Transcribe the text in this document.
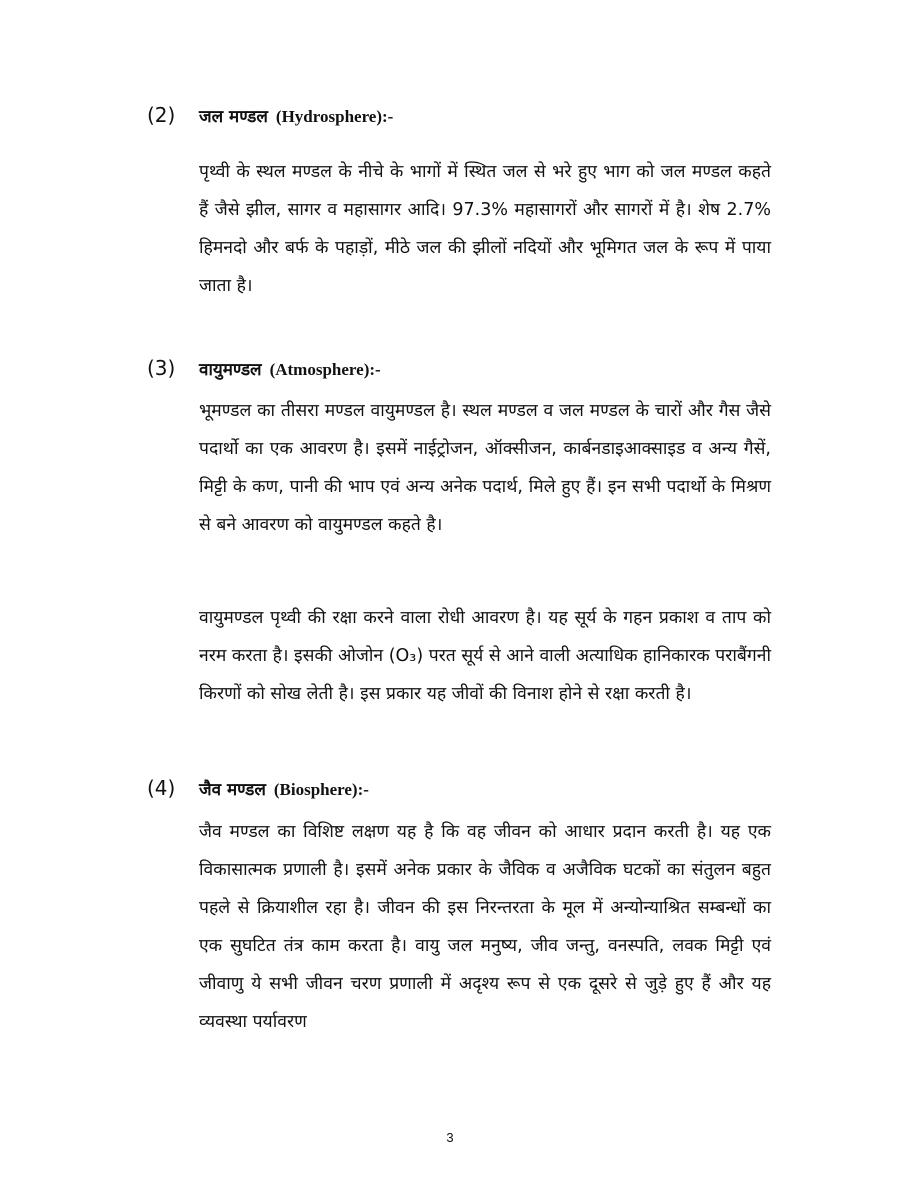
(2)	जल मण्डल (Hydrosphere):-

पृथ्वी के स्थल मण्डल के नीचे के भागों में स्थित जल से भरे हुए भाग को जल मण्डल कहते हैं जैसे झील, सागर व महासागर आदि। 97.3% महासागरों और सागरों में है। शेष 2.7% हिमनदो और बर्फ के पहाड़ों, मीठे जल की झीलों नदियों और भूमिगत जल के रूप में पाया जाता है।

(3)	वायुमण्डल (Atmosphere):-

भूमण्डल का तीसरा मण्डल वायुमण्डल है। स्थल मण्डल व जल मण्डल के चारों और गैस जैसे पदार्थो का एक आवरण है। इसमें नाईट्रोजन, ऑक्सीजन, कार्बनडाइआक्साइड व अन्य गैसें, मिट्टी के कण, पानी की भाप एवं अन्य अनेक पदार्थ, मिले हुए हैं। इन सभी पदार्थो के मिश्रण से बने आवरण को वायुमण्डल कहते है।

वायुमण्डल पृथ्वी की रक्षा करने वाला रोधी आवरण है। यह सूर्य के गहन प्रकाश व ताप को नरम करता है। इसकी ओजोन (O₃) परत सूर्य से आने वाली अत्याधिक हानिकारक पराबैंगनी किरणों को सोख लेती है। इस प्रकार यह जीवों की विनाश होने से रक्षा करती है।

(4)	जैव मण्डल (Biosphere):-

जैव मण्डल का विशिष्ट लक्षण यह है कि वह जीवन को आधार प्रदान करती है। यह एक विकासात्मक प्रणाली है। इसमें अनेक प्रकार के जैविक व अजैविक घटकों का संतुलन बहुत पहले से क्रियाशील रहा है। जीवन की इस निरन्तरता के मूल में अन्योन्याश्रित सम्बन्धों का एक सुघटित तंत्र काम करता है। वायु जल मनुष्य, जीव जन्तु, वनस्पति, लवक मिट्टी एवं जीवाणु ये सभी जीवन चरण प्रणाली में अदृश्य रूप से एक दूसरे से जुड़े हुए हैं और यह व्यवस्था पर्यावरण

3
